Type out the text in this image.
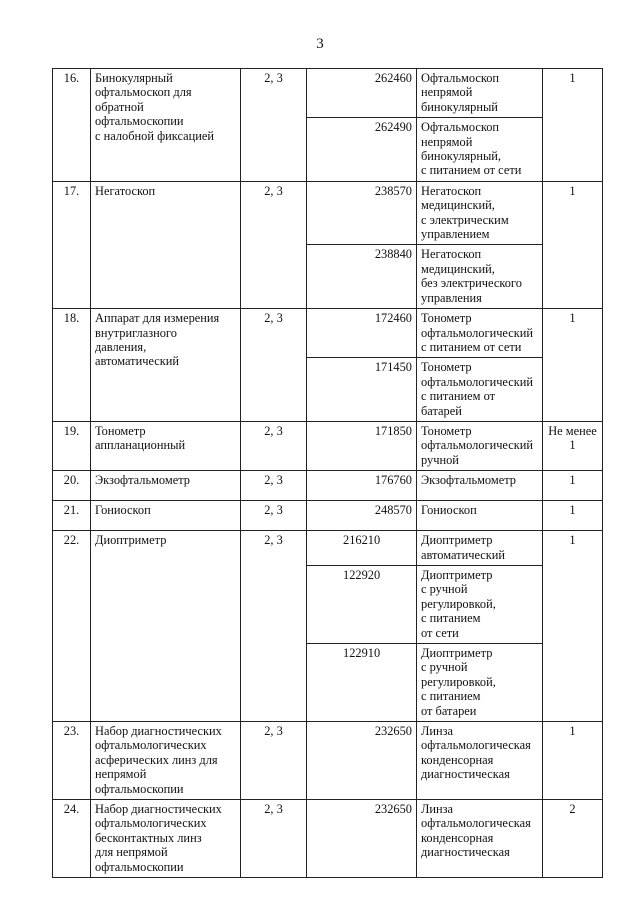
3
16.	Бинокулярный
офтальмоскоп для
обратной
офтальмоскопии
с налобной фиксацией	2, 3	262460	Офтальмоскоп
непрямой
бинокулярный	1
			262490	Офтальмоскоп
непрямой
бинокулярный,
с питанием от сети	
17.	Негатоскоп	2, 3	238570	Негатоскоп
медицинский,
с электрическим
управлением	1
			238840	Негатоскоп
медицинский,
без электрического
управления	
18.	Аппарат для измерения
внутриглазного
давления,
автоматический	2, 3	172460	Тонометр
офтальмологический
с питанием от сети	1
			171450	Тонометр
офтальмологический
с питанием от
батарей	
19.	Тонометр
аппланационный	2, 3	171850	Тонометр
офтальмологический
ручной	Не менее 1
20.	Экзофтальмометр	2, 3	176760	Экзофтальмометр	1
21.	Гониоскоп	2, 3	248570	Гониоскоп	1
22.	Диоптриметр	2, 3	216210	Диоптриметр
автоматический	1
			122920	Диоптриметр
с ручной
регулировкой,
с питанием
от сети	
			122910	Диоптриметр
с ручной
регулировкой,
с питанием
от батареи	
23.	Набор диагностических
офтальмологических
асферических линз для
непрямой
офтальмоскопии	2, 3	232650	Линза
офтальмологическая
конденсорная
диагностическая	1
24.	Набор диагностических
офтальмологических
бесконтактных линз
для непрямой
офтальмоскопии	2, 3	232650	Линза
офтальмологическая
конденсорная
диагностическая	2
